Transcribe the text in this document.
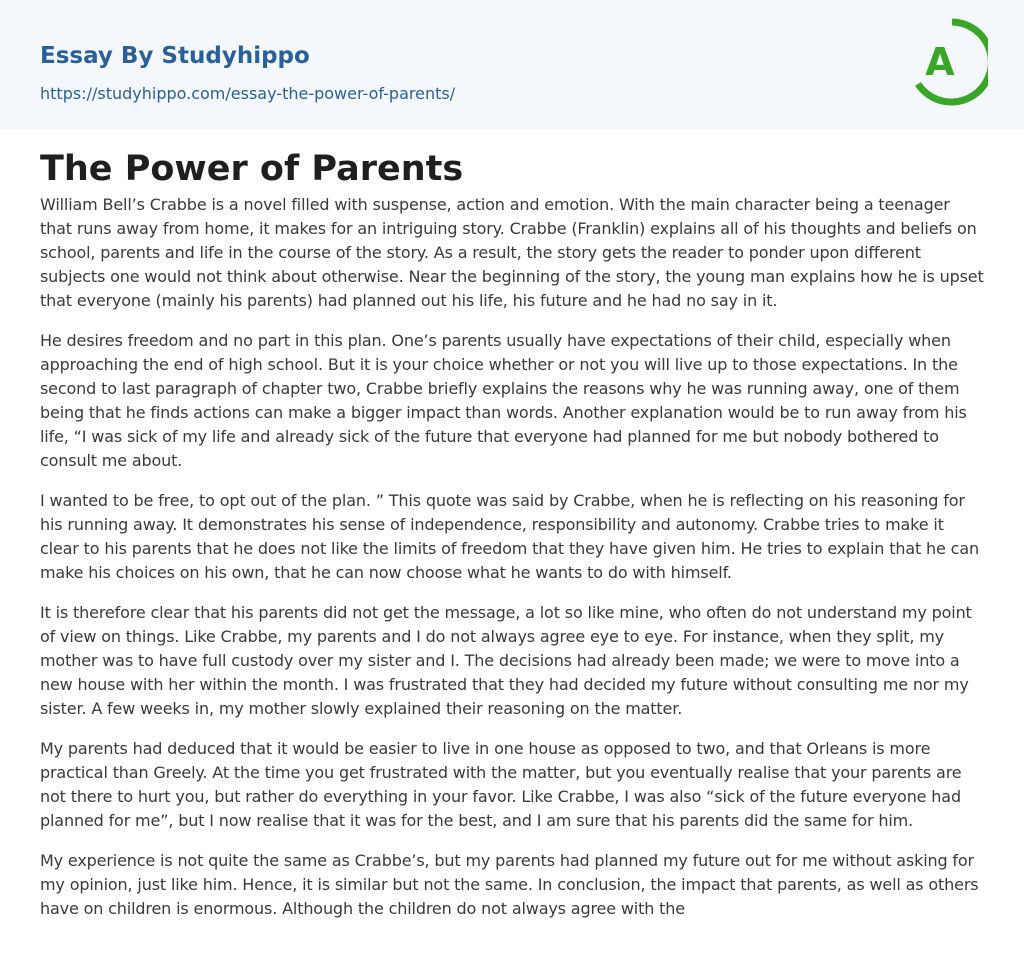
Essay By Studyhippo
https://studyhippo.com/essay-the-power-of-parents/
A
The Power of Parents

William Bell’s Crabbe is a novel filled with suspense, action and emotion. With the main character being a teenager that runs away from home, it makes for an intriguing story. Crabbe (Franklin) explains all of his thoughts and beliefs on school, parents and life in the course of the story. As a result, the story gets the reader to ponder upon different subjects one would not think about otherwise. Near the beginning of the story, the young man explains how he is upset that everyone (mainly his parents) had planned out his life, his future and he had no say in it.

He desires freedom and no part in this plan. One’s parents usually have expectations of their child, especially when approaching the end of high school. But it is your choice whether or not you will live up to those expectations. In the second to last paragraph of chapter two, Crabbe briefly explains the reasons why he was running away, one of them being that he finds actions can make a bigger impact than words. Another explanation would be to run away from his life, “I was sick of my life and already sick of the future that everyone had planned for me but nobody bothered to consult me about.

I wanted to be free, to opt out of the plan. ” This quote was said by Crabbe, when he is reflecting on his reasoning for his running away. It demonstrates his sense of independence, responsibility and autonomy. Crabbe tries to make it clear to his parents that he does not like the limits of freedom that they have given him. He tries to explain that he can make his choices on his own, that he can now choose what he wants to do with himself.

It is therefore clear that his parents did not get the message, a lot so like mine, who often do not understand my point of view on things. Like Crabbe, my parents and I do not always agree eye to eye. For instance, when they split, my mother was to have full custody over my sister and I. The decisions had already been made; we were to move into a new house with her within the month. I was frustrated that they had decided my future without consulting me nor my sister. A few weeks in, my mother slowly explained their reasoning on the matter.

My parents had deduced that it would be easier to live in one house as opposed to two, and that Orleans is more practical than Greely. At the time you get frustrated with the matter, but you eventually realise that your parents are not there to hurt you, but rather do everything in your favor. Like Crabbe, I was also “sick of the future everyone had planned for me”, but I now realise that it was for the best, and I am sure that his parents did the same for him.

My experience is not quite the same as Crabbe’s, but my parents had planned my future out for me without asking for my opinion, just like him. Hence, it is similar but not the same. In conclusion, the impact that parents, as well as others have on children is enormous. Although the children do not always agree with the
